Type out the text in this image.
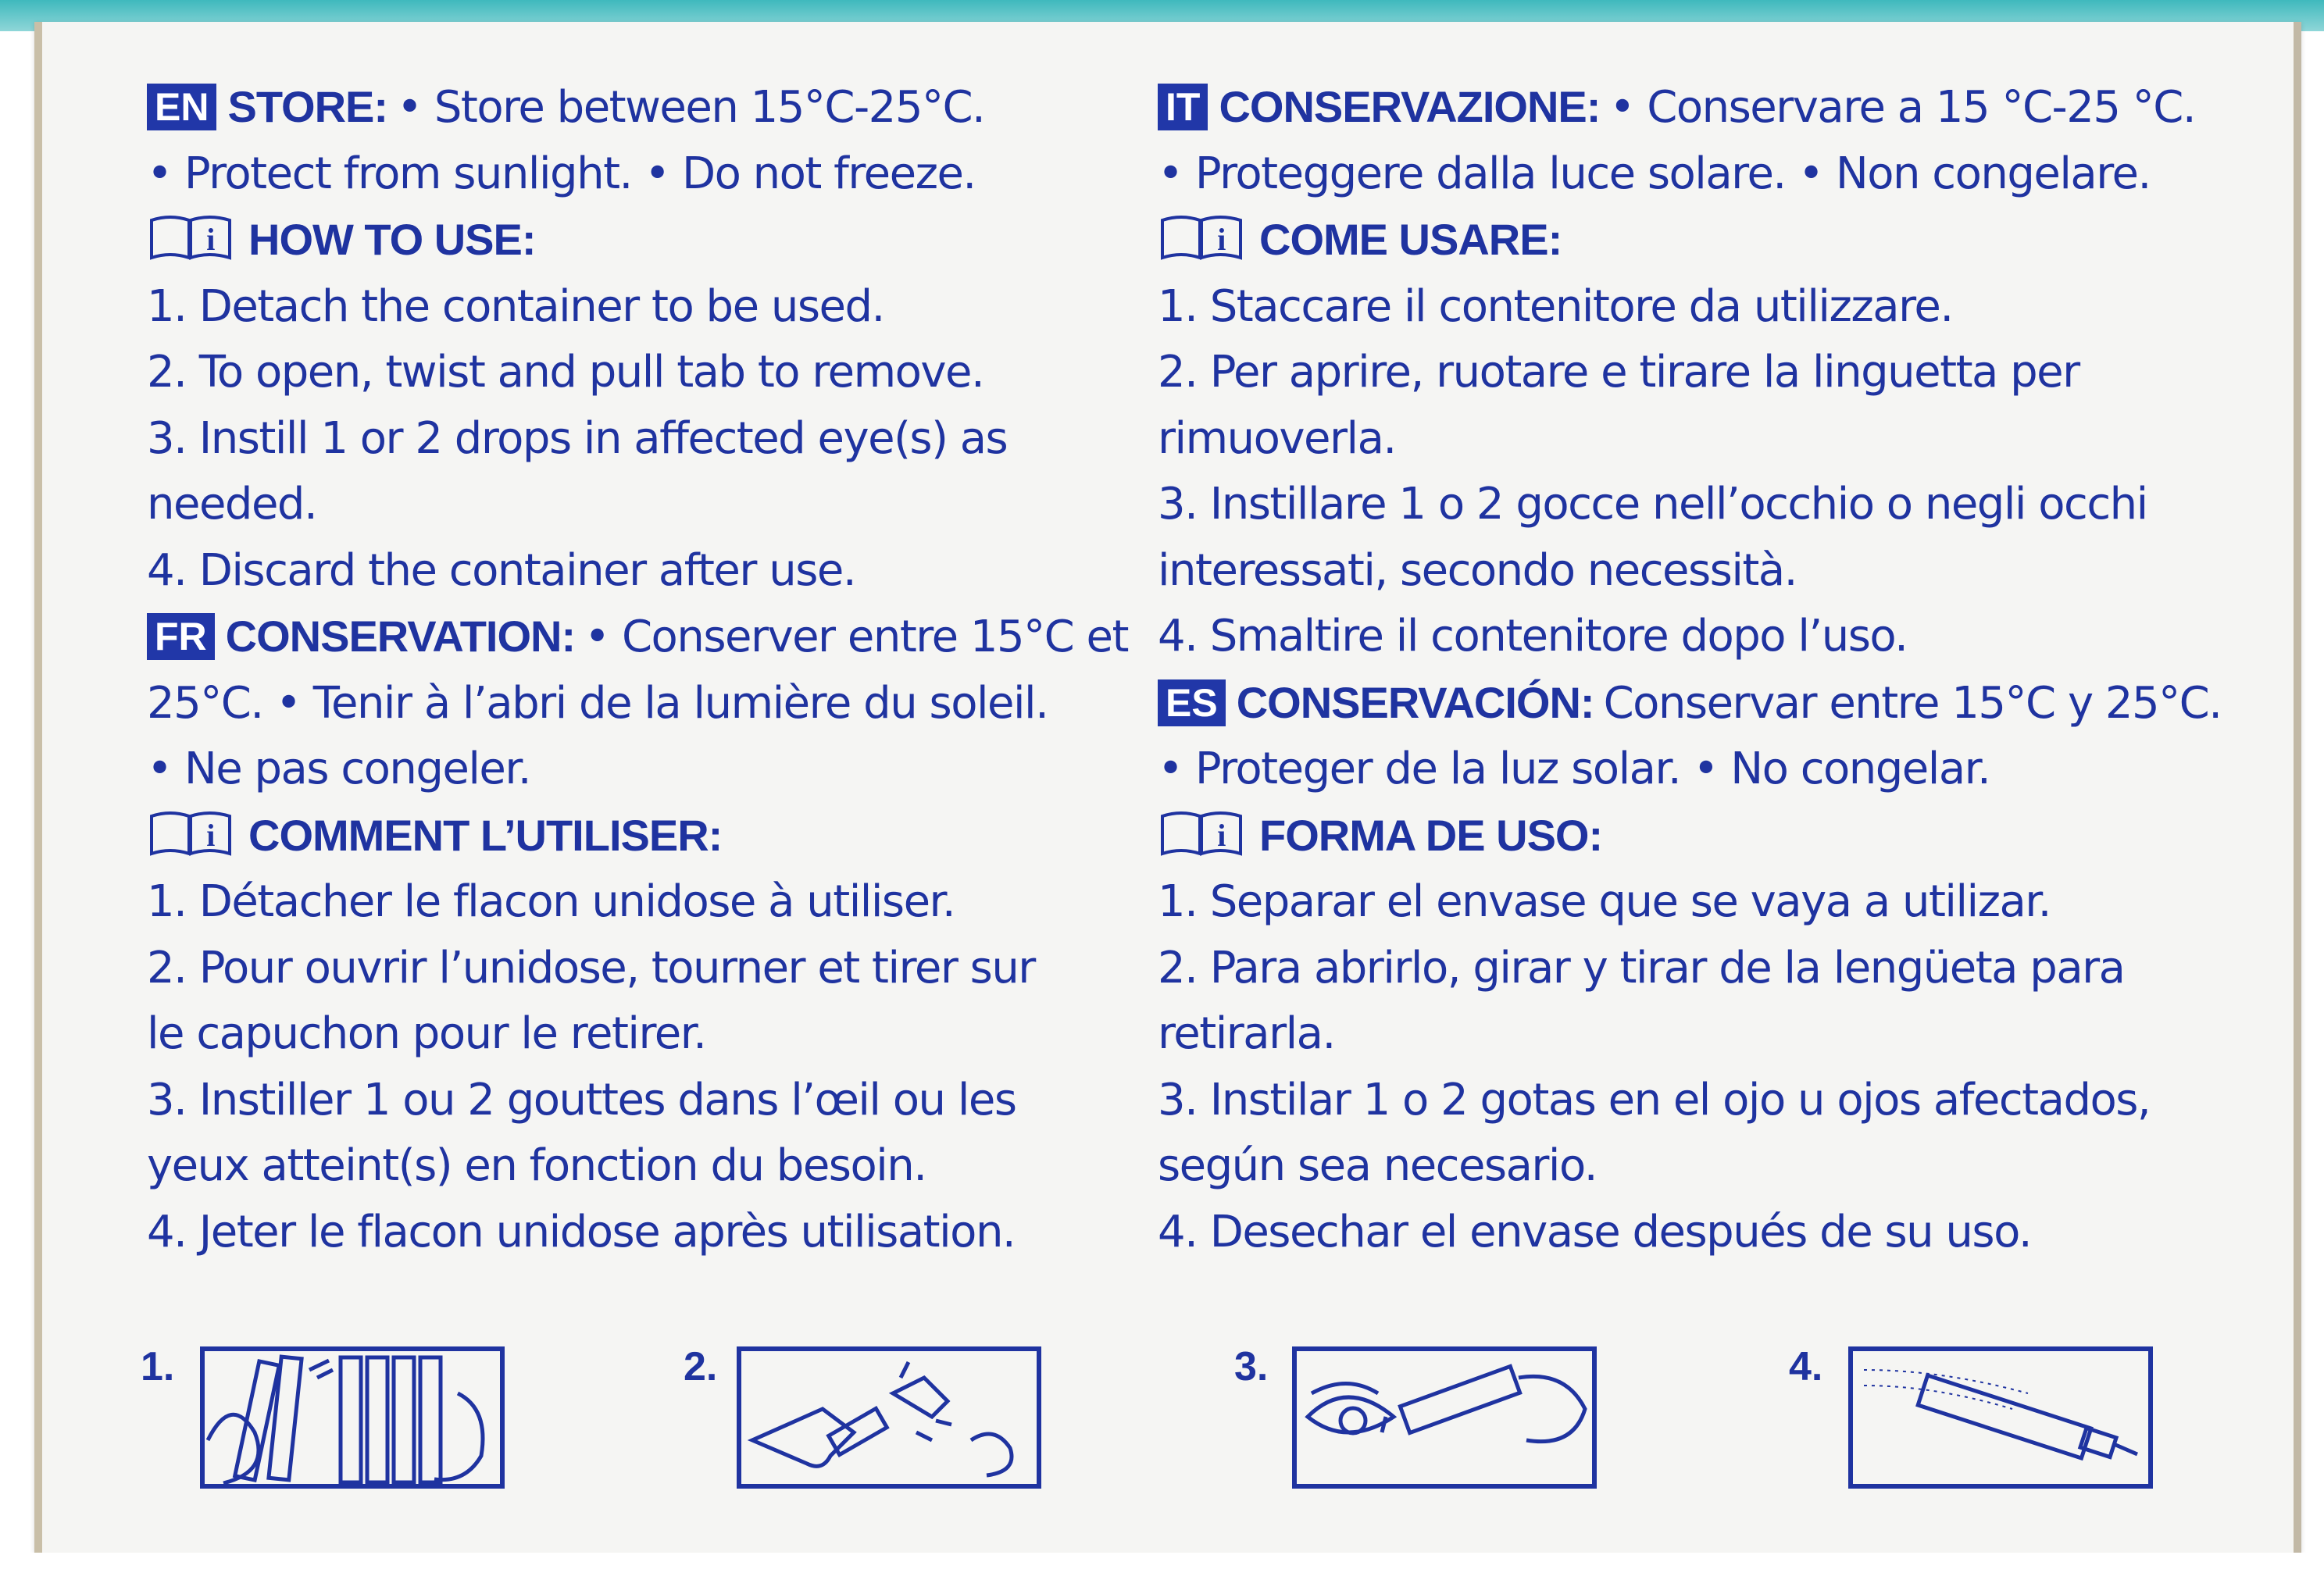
EN STORE: • Store between 15°C-25°C.
• Protect from sunlight. • Do not freeze.
i HOW TO USE:
1. Detach the container to be used.
2. To open, twist and pull tab to remove.
3. Instill 1 or 2 drops in affected eye(s) as
needed.
4. Discard the container after use.
FR CONSERVATION: • Conserver entre 15°C et
25°C. • Tenir à l’abri de la lumière du soleil.
• Ne pas congeler.
i COMMENT L’UTILISER:
1. Détacher le flacon unidose à utiliser.
2. Pour ouvrir l’unidose, tourner et tirer sur
le capuchon pour le retirer.
3. Instiller 1 ou 2 gouttes dans l’œil ou les
yeux atteint(s) en fonction du besoin.
4. Jeter le flacon unidose après utilisation.
IT CONSERVAZIONE: • Conservare a 15 °C-25 °C.
• Proteggere dalla luce solare. • Non congelare.
i COME USARE:
1. Staccare il contenitore da utilizzare.
2. Per aprire, ruotare e tirare la linguetta per
rimuoverla.
3. Instillare 1 o 2 gocce nell’occhio o negli occhi
interessati, secondo necessità.
4. Smaltire il contenitore dopo l’uso.
ES CONSERVACIÓN: Conservar entre 15°C y 25°C.
• Proteger de la luz solar. • No congelar.
i FORMA DE USO:
1. Separar el envase que se vaya a utilizar.
2. Para abrirlo, girar y tirar de la lengüeta para
retirarla.
3. Instilar 1 o 2 gotas en el ojo u ojos afectados,
según sea necesario.
4. Desechar el envase después de su uso.
1.	2.	3.	4.
